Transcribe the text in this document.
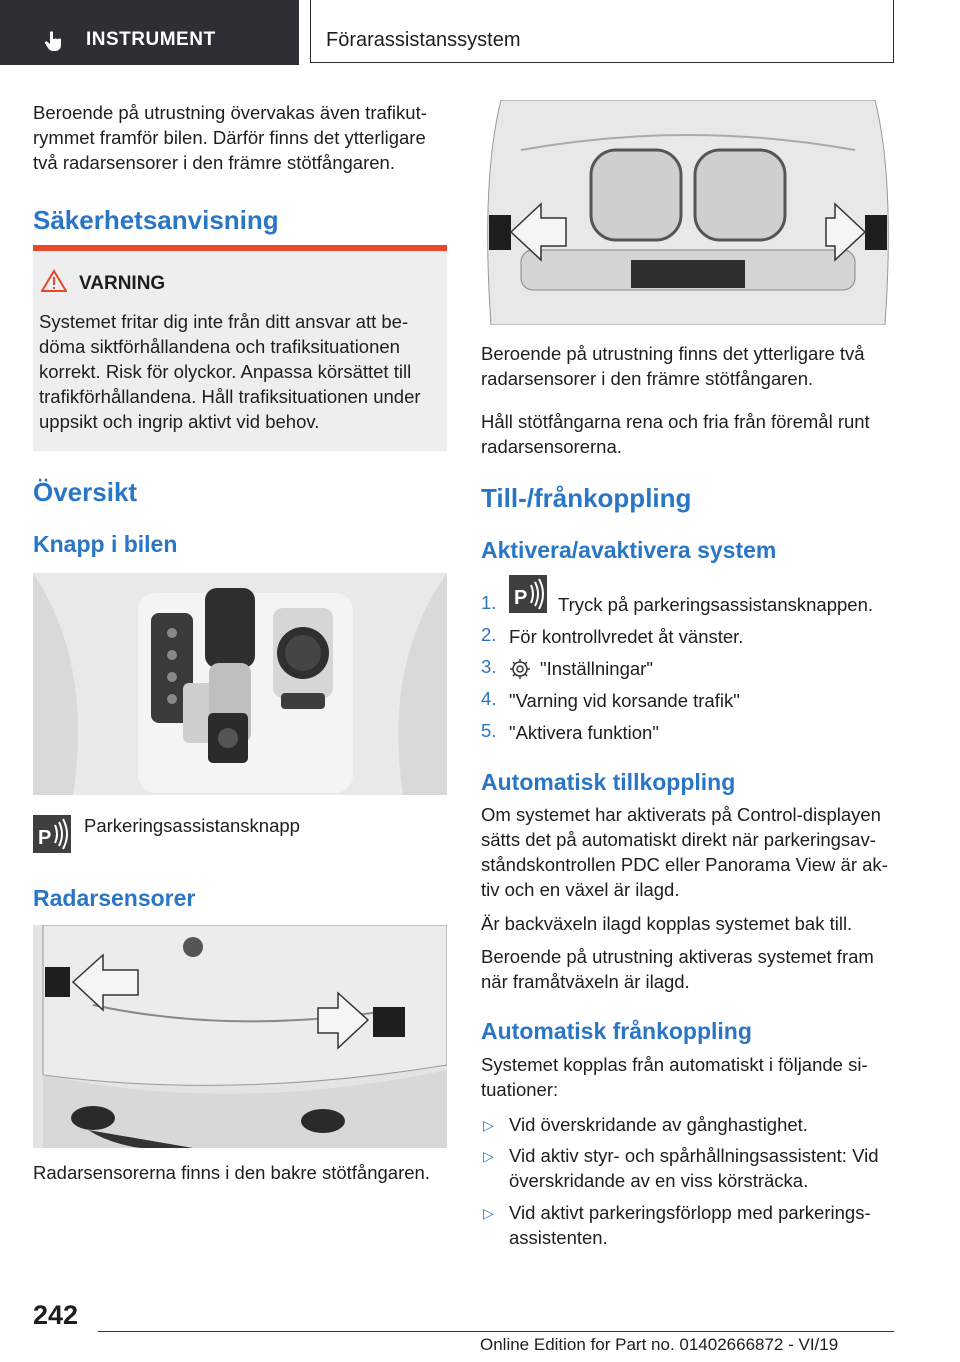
INSTRUMENT	Förarassistanssystem

Beroende på utrustning övervakas även trafikutrymmet framför bilen. Därför finns det ytterligare två radarsensorer i den främre stötfångaren.

Säkerhetsanvisning
VARNING
Systemet fritar dig inte från ditt ansvar att bedöma siktförhållandena och trafiksituationen korrekt. Risk för olyckor. Anpassa körsättet till trafikförhållandena. Håll trafiksituationen under uppsikt och ingrip aktivt vid behov.
Översikt
Knapp i bilen
P
Parkeringsassistansknapp
Radarsensorer

Radarsensorerna finns i den bakre stötfångaren.

Beroende på utrustning finns det ytterligare två radarsensorer i den främre stötfångaren.

Håll stötfångarna rena och fria från föremål runt radarsensorerna.

Till-/frånkoppling
Aktivera/avaktivera system
1. P Tryck på parkeringsassistansknappen.
2. För kontrollvredet åt vänster.
3. "Inställningar"
4. "Varning vid korsande trafik"
5. "Aktivera funktion"
Automatisk tillkoppling

Om systemet har aktiverats på Control-displayen sätts det på automatiskt direkt när parkeringsavståndskontrollen PDC eller Panorama View är aktiv och en växel är ilagd.

Är backväxeln ilagd kopplas systemet bak till.

Beroende på utrustning aktiveras systemet fram när framåtväxeln är ilagd.

Automatisk frånkoppling

Systemet kopplas från automatiskt i följande situationer:

▷ Vid överskridande av gånghastighet.
▷ Vid aktiv styr- och spårhållningsassistent: Vid överskridande av en viss körsträcka.
▷ Vid aktivt parkeringsförlopp med parkeringsassistenten.
242
Online Edition for Part no. 01402666872 - VI/19
